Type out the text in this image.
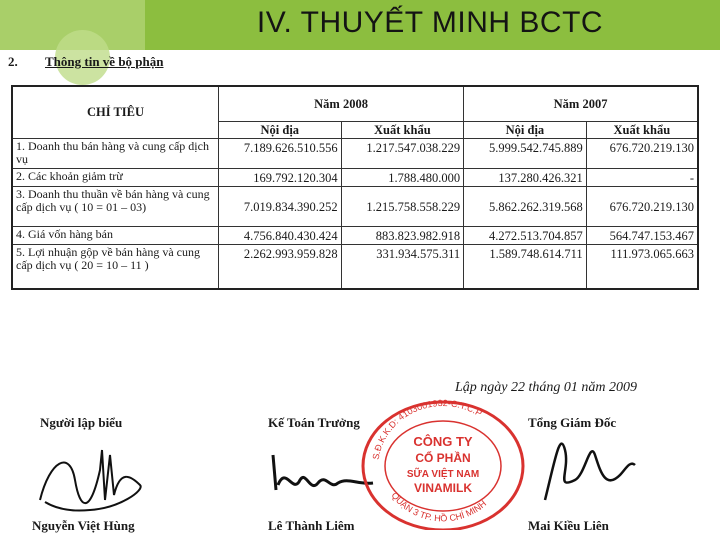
IV. THUYẾT MINH BCTC
2. Thông tin về bộ phận
CHỈ TIÊU	Năm 2008		Năm 2007	
	Nội địa	Xuất khẩu	Nội địa	Xuất khẩu
1. Doanh thu bán hàng và cung cấp dịch vụ	7.189.626.510.556	1.217.547.038.229	5.999.542.745.889	676.720.219.130
2. Các khoản giảm trừ	169.792.120.304	1.788.480.000	137.280.426.321	-
3. Doanh thu thuần về bán hàng và cung cấp dịch vụ ( 10 = 01 – 03)	7.019.834.390.252	1.215.758.558.229	5.862.262.319.568	676.720.219.130
4. Giá vốn hàng bán	4.756.840.430.424	883.823.982.918	4.272.513.704.857	564.747.153.467
5. Lợi nhuận gộp về bán hàng và cung cấp dịch vụ ( 20 = 10 – 11 )	2.262.993.959.828	331.934.575.311	1.589.748.614.711	111.973.065.663
Lập ngày 22 tháng 01 năm 2009
Người lập biểu	Kế Toán Trưởng	Tổng Giám Đốc
S.Đ.K.K.D: 4103001932-C.T.C.P
QUẬN 3 TP. HỒ CHÍ MINH
CÔNG TY
CỔ PHẦN
SỮA VIỆT NAM
VINAMILK
Nguyễn Việt Hùng	Lê Thành Liêm	Mai Kiều Liên
